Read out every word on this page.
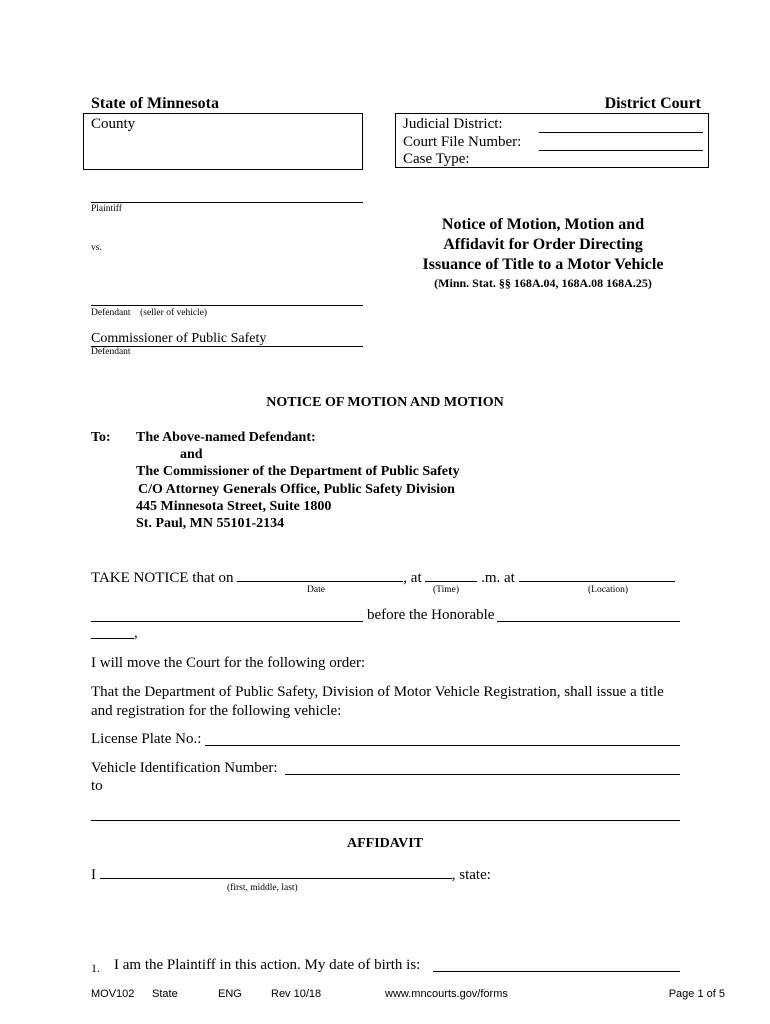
State of Minnesota	District Court
County	Judicial District:
Court File Number:
Case Type:
Plaintiff
vs.
Defendant (seller of vehicle)
Commissioner of Public Safety
Defendant
Notice of Motion, Motion and
Affidavit for Order Directing
Issuance of Title to a Motor Vehicle
(Minn. Stat. §§ 168A.04, 168A.08 168A.25)
NOTICE OF MOTION AND MOTION
To: The Above-named Defendant:
and
The Commissioner of the Department of Public Safety
C/O Attorney Generals Office, Public Safety Division
445 Minnesota Street, Suite 1800
St. Paul, MN 55101-2134
TAKE NOTICE that on	, at	.m. at
Date	(Time)	(Location)
before the Honorable
,
I will move the Court for the following order:
That the Department of Public Safety, Division of Motor Vehicle Registration, shall issue a title
and registration for the following vehicle:
License Plate No.:
Vehicle Identification Number:
to
AFFIDAVIT
I	, state:
(first, middle, last)
1. I am the Plaintiff in this action. My date of birth is:
MOV102 State	ENG	Rev 10/18	www.mncourts.gov/forms	Page 1 of 5
